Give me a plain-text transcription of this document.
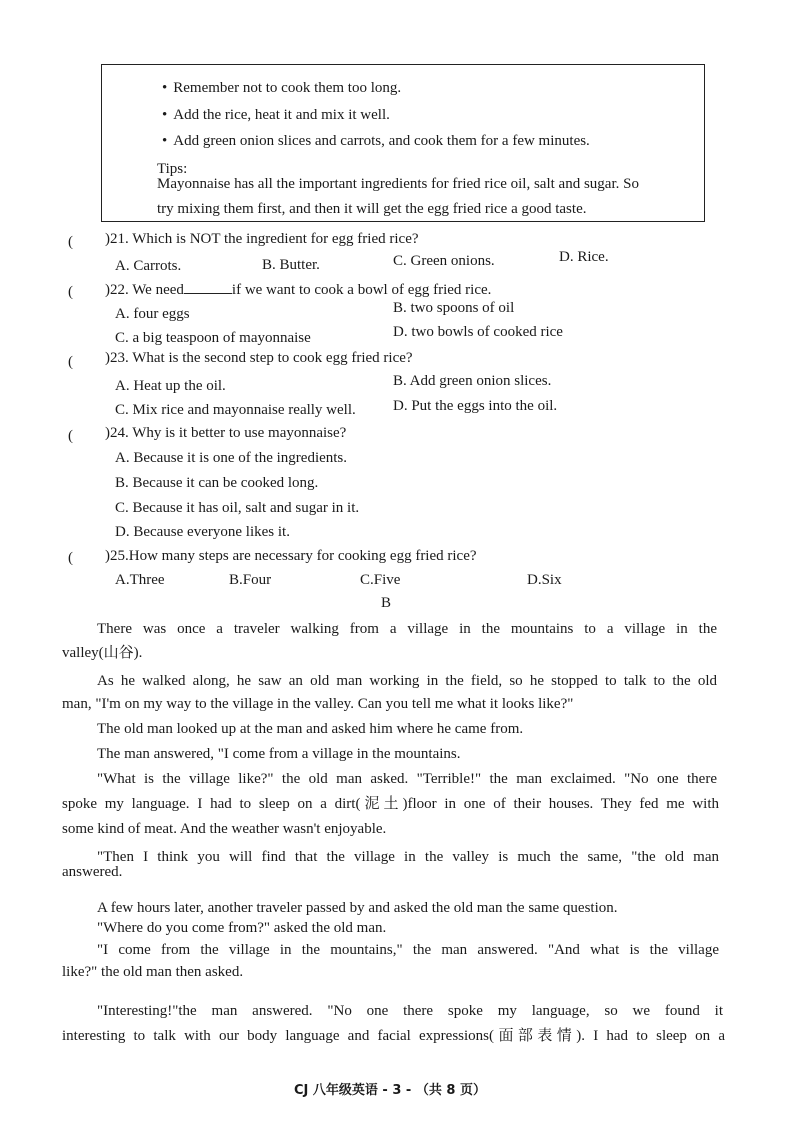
• Remember not to cook them too long.
• Add the rice, heat it and mix it well.
• Add green onion slices and carrots, and cook them for a few minutes.
Tips:
Mayonnaise has all the important ingredients for fried rice oil, salt and sugar. So
try mixing them first, and then it will get the egg fried rice a good taste.
( )21. Which is NOT the ingredient for egg fried rice?
A. Carrots.	B. Butter.	C. Green onions.	D. Rice.
( )22. We need	if we want to cook a bowl of egg fried rice.
A. four eggs	B. two spoons of oil
C. a big teaspoon of mayonnaise	D. two bowls of cooked rice
( )23. What is the second step to cook egg fried rice?
A. Heat up the oil.	B. Add green onion slices.
C. Mix rice and mayonnaise really well. D. Put the eggs into the oil.
( )24. Why is it better to use mayonnaise?
A. Because it is one of the ingredients.
B. Because it can be cooked long.
C. Because it has oil, salt and sugar in it.
D. Because everyone likes it.
( )25.How many steps are necessary for cooking egg fried rice?
A.Three	B.Four	C.Five	D.Six
B
There was once a traveler walking from a village in the mountains to a village in the
valley(山谷).
As he walked along, he saw an old man working in the field, so he stopped to talk to the old
man, "I'm on my way to the village in the valley. Can you tell me what it looks like?"
The old man looked up at the man and asked him where he came from.
The man answered, "I come from a village in the mountains.
"What is the village like?" the old man asked. "Terrible!" the man exclaimed. "No one there
spoke my language. I had to sleep on a dirt(泥土)floor in one of their houses. They fed me with
some kind of meat. And the weather wasn't enjoyable.
"Then I think you will find that the village in the valley is much the same, "the old man
answered.
A few hours later, another traveler passed by and asked the old man the same question.
"Where do you come from?" asked the old man.
"I come from the village in the mountains," the man answered. "And what is the village
like?" the old man then asked.
"Interesting!"the man answered. "No one there spoke my language, so we found it
interesting to talk with our body language and facial expressions(面部表情). I had to sleep on a
CJ 八年级英语 - 3 - （共 8 页）
